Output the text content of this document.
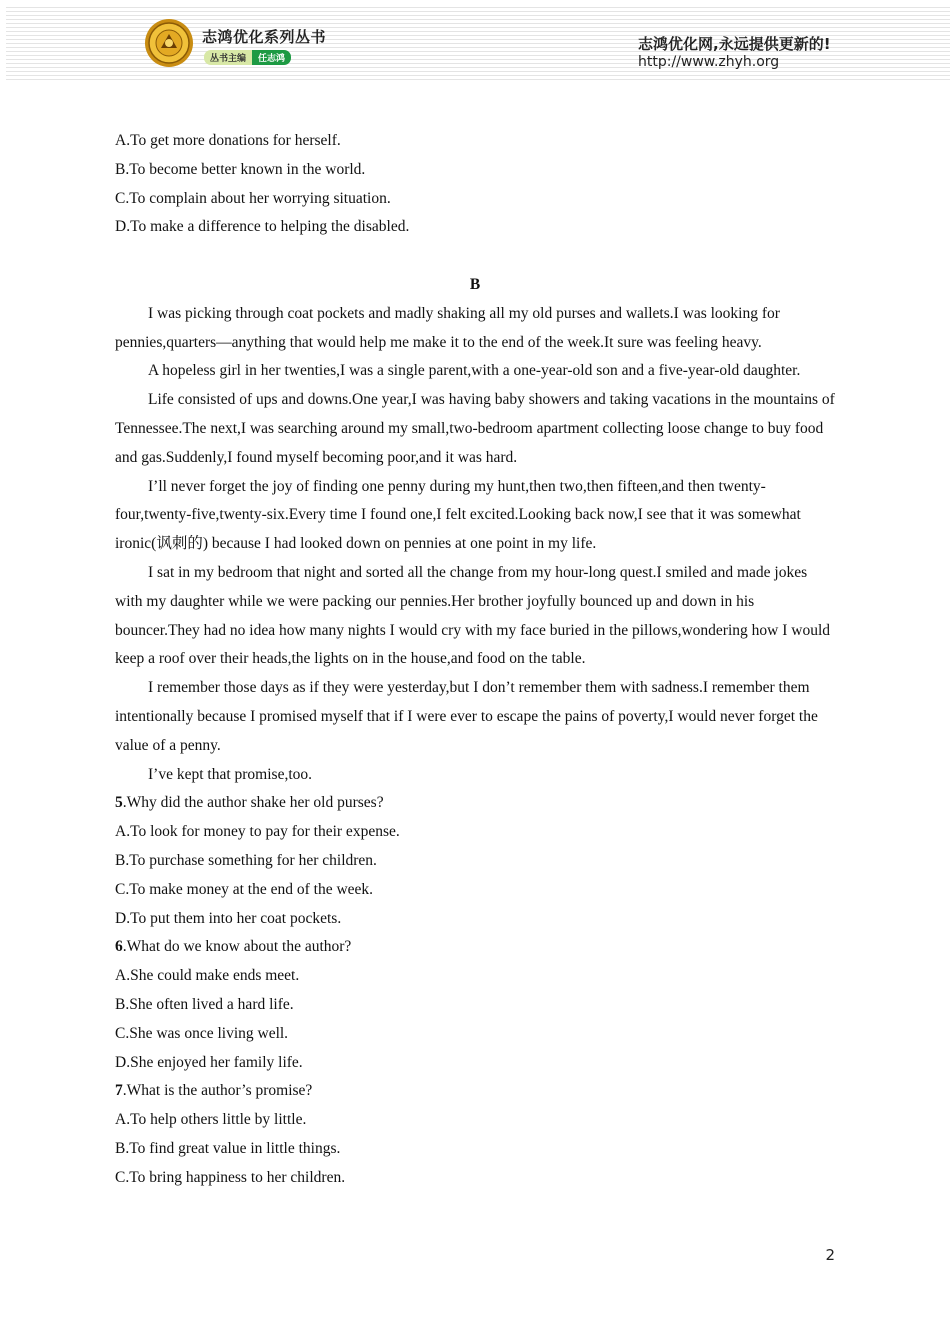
志鸿优化系列丛书
丛书主编	任志鸿
志鸿优化网,永远提供更新的!
http://www.zhyh.org

A.To get more donations for herself.

B.To become better known in the world.

C.To complain about her worrying situation.

D.To make a difference to helping the disabled.

B

I was picking through coat pockets and madly shaking all my old purses and wallets.I was looking for pennies,quarters—anything that would help me make it to the end of the week.It sure was feeling heavy.

A hopeless girl in her twenties,I was a single parent,with a one-year-old son and a five-year-old daughter.

Life consisted of ups and downs.One year,I was having baby showers and taking vacations in the mountains of Tennessee.The next,I was searching around my small,two-bedroom apartment collecting loose change to buy food and gas.Suddenly,I found myself becoming poor,and it was hard.

I’ll never forget the joy of finding one penny during my hunt,then two,then fifteen,and then twenty-four,twenty-five,twenty-six.Every time I found one,I felt excited.Looking back now,I see that it was somewhat ironic(讽刺的) because I had looked down on pennies at one point in my life.

I sat in my bedroom that night and sorted all the change from my hour-long quest.I smiled and made jokes with my daughter while we were packing our pennies.Her brother joyfully bounced up and down in his bouncer.They had no idea how many nights I would cry with my face buried in the pillows,wondering how I would keep a roof over their heads,the lights on in the house,and food on the table.

I remember those days as if they were yesterday,but I don’t remember them with sadness.I remember them intentionally because I promised myself that if I were ever to escape the pains of poverty,I would never forget the value of a penny.

I’ve kept that promise,too.

5.Why did the author shake her old purses?

A.To look for money to pay for their expense.

B.To purchase something for her children.

C.To make money at the end of the week.

D.To put them into her coat pockets.

6.What do we know about the author?

A.She could make ends meet.

B.She often lived a hard life.

C.She was once living well.

D.She enjoyed her family life.

7.What is the author’s promise?

A.To help others little by little.

B.To find great value in little things.

C.To bring happiness to her children.

2
